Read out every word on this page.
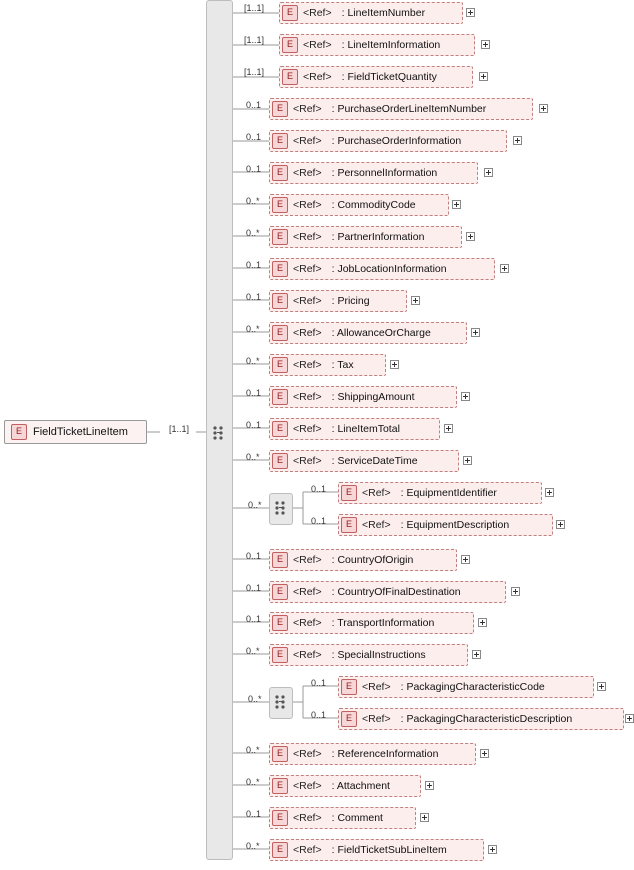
E	FieldTicketLineItem	[1..1]
[1..1]	E <Ref> : LineItemNumber
[1..1]	E <Ref> : LineItemInformation
[1..1]	E <Ref> : FieldTicketQuantity
0..1	E <Ref> : PurchaseOrderLineItemNumber
0..1	E <Ref> : PurchaseOrderInformation
0..1	E <Ref> : PersonnelInformation
0..*	E <Ref> : CommodityCode
0..*	E <Ref> : PartnerInformation
0..1	E <Ref> : JobLocationInformation
0..1	E <Ref> : Pricing
0..*	E <Ref> : AllowanceOrCharge
0..*	E <Ref> : Tax
0..1	E <Ref> : ShippingAmount
0..1	E <Ref> : LineItemTotal
0..*	E <Ref> : ServiceDateTime
0..*
0..1	E <Ref> : EquipmentIdentifier
0..1	E <Ref> : EquipmentDescription
0..1	E <Ref> : CountryOfOrigin
0..1	E <Ref> : CountryOfFinalDestination
0..1	E <Ref> : TransportInformation
0..*	E <Ref> : SpecialInstructions
0..*
0..1	E <Ref> : PackagingCharacteristicCode
0..1	E <Ref> : PackagingCharacteristicDescription
0..*	E <Ref> : ReferenceInformation
0..*	E <Ref> : Attachment
0..1	E <Ref> : Comment
0..*	E <Ref> : FieldTicketSubLineItem
